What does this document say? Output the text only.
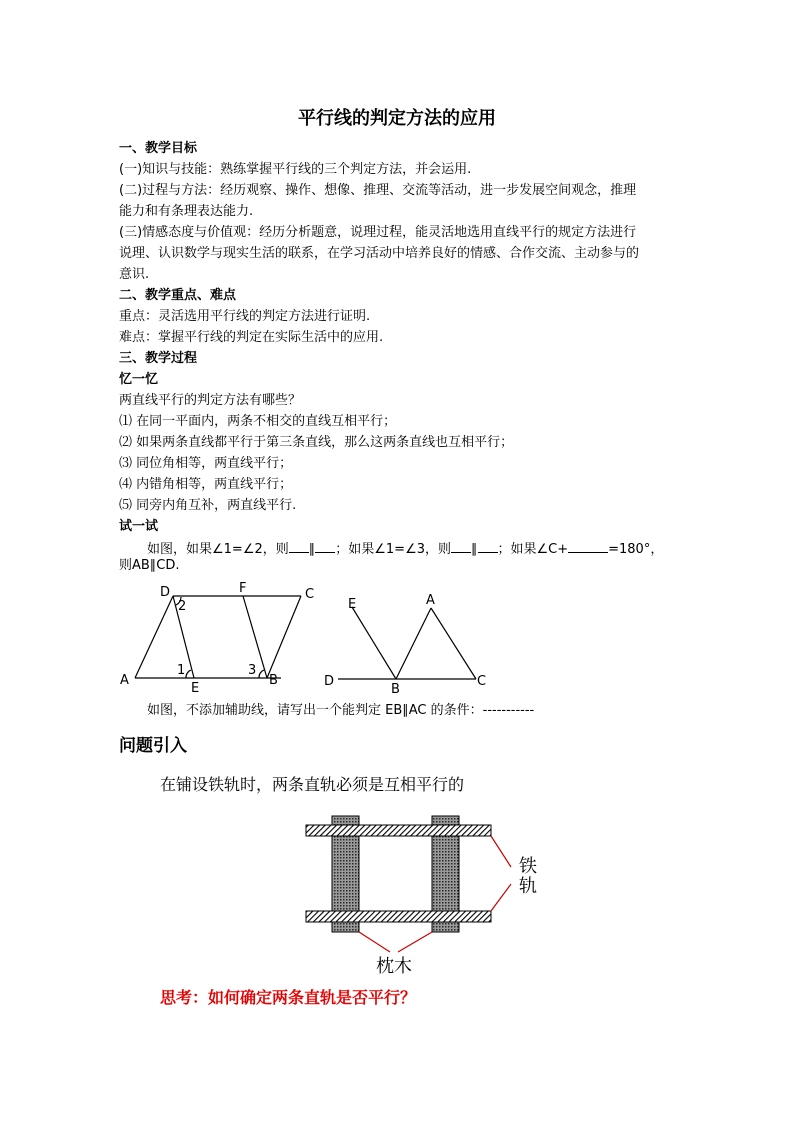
平行线的判定方法的应用
一、教学目标
(一)知识与技能：熟练掌握平行线的三个判定方法，并会运用.
(二)过程与方法：经历观察、操作、想像、推理、交流等活动，进一步发展空间观念，推理
能力和有条理表达能力.
(三)情感态度与价值观：经历分析题意，说理过程，能灵活地选用直线平行的规定方法进行
说理、认识数学与现实生活的联系，在学习活动中培养良好的情感、合作交流、主动参与的
意识.
二、教学重点、难点
重点：灵活选用平行线的判定方法进行证明.
难点：掌握平行线的判定在实际生活中的应用.
三、教学过程
忆一忆
两直线平行的判定方法有哪些？
⑴ 在同一平面内，两条不相交的直线互相平行；
⑵ 如果两条直线都平行于第三条直线，那么这两条直线也互相平行；
⑶ 同位角相等，两直线平行；
⑷ 内错角相等，两直线平行；
⑸ 同旁内角互补，两直线平行.
试一试
如图，如果∠1=∠2，则 ∥ ；如果∠1=∠3，则 ∥ ；如果∠C+	=180°，
则AB∥CD.
A
D	F	C
E
B
1
2
3
E	A
D
B
C
如图，不添加辅助线，请写出一个能判定 EB∥AC 的条件：-----------
问题引入
在铺设铁轨时，两条直轨必须是互相平行的
铁
轨
枕木
思考：如何确定两条直轨是否平行？
